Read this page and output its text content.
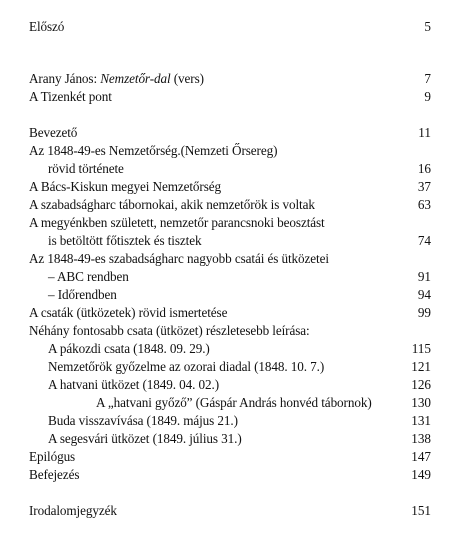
Előszó	5
Arany János: Nemzetőr-dal (vers)	7
A Tizenkét pont	9
Bevezető	11
Az 1848-49-es Nemzetőrség.(Nemzeti Őrsereg)
rövid története	16
A Bács-Kiskun megyei Nemzetőrség	37
A szabadságharc tábornokai, akik nemzetőrök is voltak	63
A megyénkben született, nemzetőr parancsnoki beosztást
is betöltött főtisztek és tisztek	74
Az 1848-49-es szabadságharc nagyobb csatái és ütközetei
– ABC rendben	91
– Időrendben	94
A csaták (ütközetek) rövid ismertetése	99
Néhány fontosabb csata (ütközet) részletesebb leírása:
A pákozdi csata (1848. 09. 29.)	115
Nemzetőrök győzelme az ozorai diadal (1848. 10. 7.)	121
A hatvani ütközet (1849. 04. 02.)	126
A „hatvani győző” (Gáspár András honvéd tábornok)	130
Buda visszavívása (1849. május 21.)	131
A segesvári ütközet (1849. július 31.)	138
Epilógus	147
Befejezés	149
Irodalomjegyzék	151
